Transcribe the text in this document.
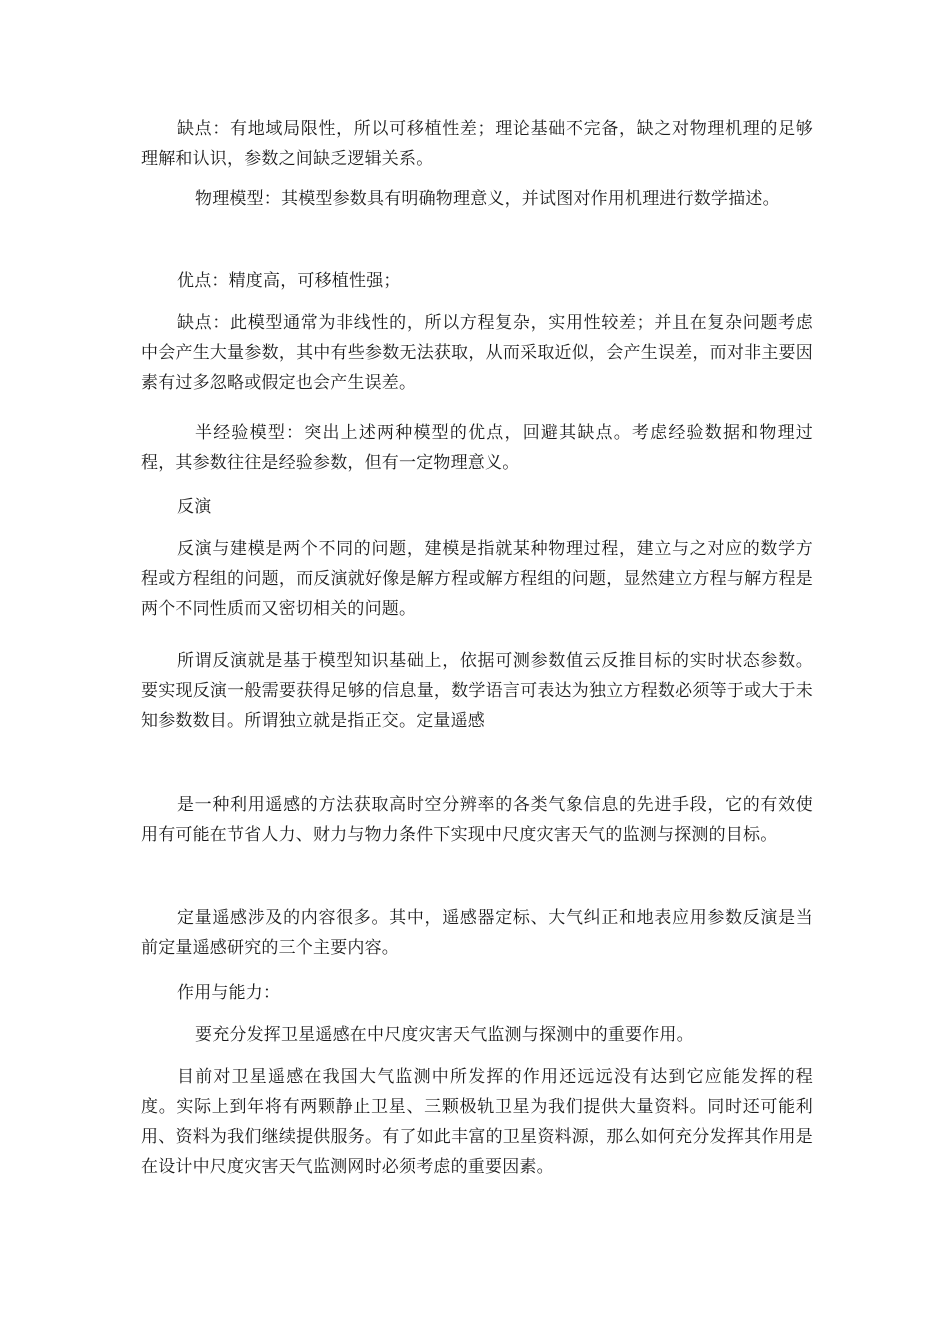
缺点：有地域局限性，所以可移植性差；理论基础不完备，缺之对物理机理的足够理解和认识，参数之间缺乏逻辑关系。

物理模型：其模型参数具有明确物理意义，并试图对作用机理进行数学描述。

优点：精度高，可移植性强；

缺点：此模型通常为非线性的，所以方程复杂，实用性较差；并且在复杂问题考虑中会产生大量参数，其中有些参数无法获取，从而采取近似，会产生误差，而对非主要因素有过多忽略或假定也会产生误差。

半经验模型：突出上述两种模型的优点，回避其缺点。考虑经验数据和物理过程，其参数往往是经验参数，但有一定物理意义。

反演

反演与建模是两个不同的问题，建模是指就某种物理过程，建立与之对应的数学方程或方程组的问题，而反演就好像是解方程或解方程组的问题，显然建立方程与解方程是两个不同性质而又密切相关的问题。

所谓反演就是基于模型知识基础上，依据可测参数值云反推目标的实时状态参数。要实现反演一般需要获得足够的信息量，数学语言可表达为独立方程数必须等于或大于未知参数数目。所谓独立就是指正交。定量遥感

是一种利用遥感的方法获取高时空分辨率的各类气象信息的先进手段，它的有效使用有可能在节省人力、财力与物力条件下实现中尺度灾害天气的监测与探测的目标。

定量遥感涉及的内容很多。其中，遥感器定标、大气纠正和地表应用参数反演是当前定量遥感研究的三个主要内容。

作用与能力：

要充分发挥卫星遥感在中尺度灾害天气监测与探测中的重要作用。

目前对卫星遥感在我国大气监测中所发挥的作用还远远没有达到它应能发挥的程度。实际上到年将有两颗静止卫星、三颗极轨卫星为我们提供大量资料。同时还可能利用、资料为我们继续提供服务。有了如此丰富的卫星资料源，那么如何充分发挥其作用是在设计中尺度灾害天气监测网时必须考虑的重要因素。
